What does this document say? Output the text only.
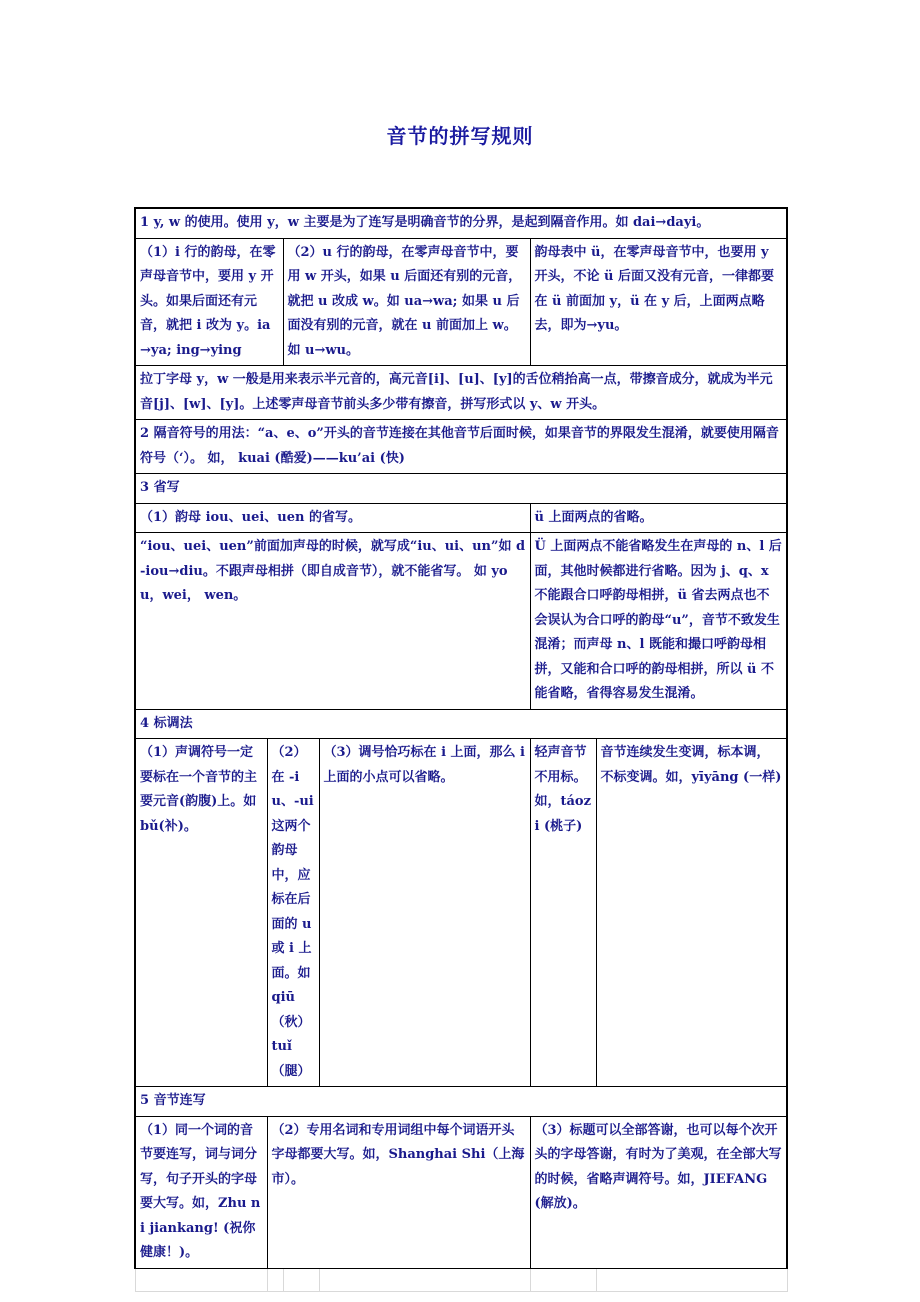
音节的拼写规则
1 y, w 的使用。使用 y，w 主要是为了连写是明确音节的分界，是起到隔音作用。如 dai→dayi。					
（1）i 行的韵母，在零声母音节中，要用 y 开头。如果后面还有元音，就把 i 改为 y。ia→ya; ing→ying		（2）u 行的韵母，在零声母音节中，要用 w 开头，如果 u 后面还有别的元音，就把 u 改成 w。如 ua→wa; 如果 u 后面没有别的元音，就在 u 前面加上 w。如 u→wu。		韵母表中 ü，在零声母音节中，也要用 y 开头，不论 ü 后面又没有元音，一律都要在 ü 前面加 y，ü 在 y 后，上面两点略去，即为→yu。	
拉丁字母 y，w 一般是用来表示半元音的，高元音[i]、[u]、[y]的舌位稍抬高一点，带擦音成分，就成为半元音[j]、[w]、[y]。上述零声母音节前头多少带有擦音，拼写形式以 y、w 开头。					
2 隔音符号的用法：“a、e、o”开头的音节连接在其他音节后面时候，如果音节的界限发生混淆，就要使用隔音符号（‘）。 如， kuai (酷爱)——ku’ai (快)					
3 省写					
（1）韵母 iou、uei、uen 的省写。				ü 上面两点的省略。	
“iou、uei、uen”前面加声母的时候，就写成“iu、ui、un”如 d-iou→diu。不跟声母相拼（即自成音节），就不能省写。 如 you，wei， wen。				Ü 上面两点不能省略发生在声母的 n、l 后面，其他时候都进行省略。因为 j、q、x 不能跟合口呼韵母相拼，ü 省去两点也不会误认为合口呼的韵母“u”，音节不致发生混淆；而声母 n、l 既能和撮口呼韵母相拼，又能和合口呼的韵母相拼，所以 ü 不能省略，省得容易发生混淆。	
4 标调法					
（1）声调符号一定要标在一个音节的主要元音(韵腹)上。如 bǔ(补)。	（2）在 -iu、-ui 这两个韵母中，应标在后面的 u 或 i 上面。如 qiū（秋）tuǐ（腿）		（3）调号恰巧标在 i 上面，那么 i 上面的小点可以省略。	轻声音节不用标。如，táozi (桃子)	音节连续发生变调，标本调，不标变调。如，yīyāng (一样)
5 音节连写					
（1）同一个词的音节要连写，词与词分写，句子开头的字母要大写。如，Zhu ni jiankang! (祝你健康！)。	（2）专用名词和专用词组中每个词语开头字母都要大写。如，Shanghai Shi（上海市）。			（3）标题可以全部答谢，也可以每个次开头的字母答谢，有时为了美观，在全部大写的时候，省略声调符号。如，JIEFANG (解放)。	
